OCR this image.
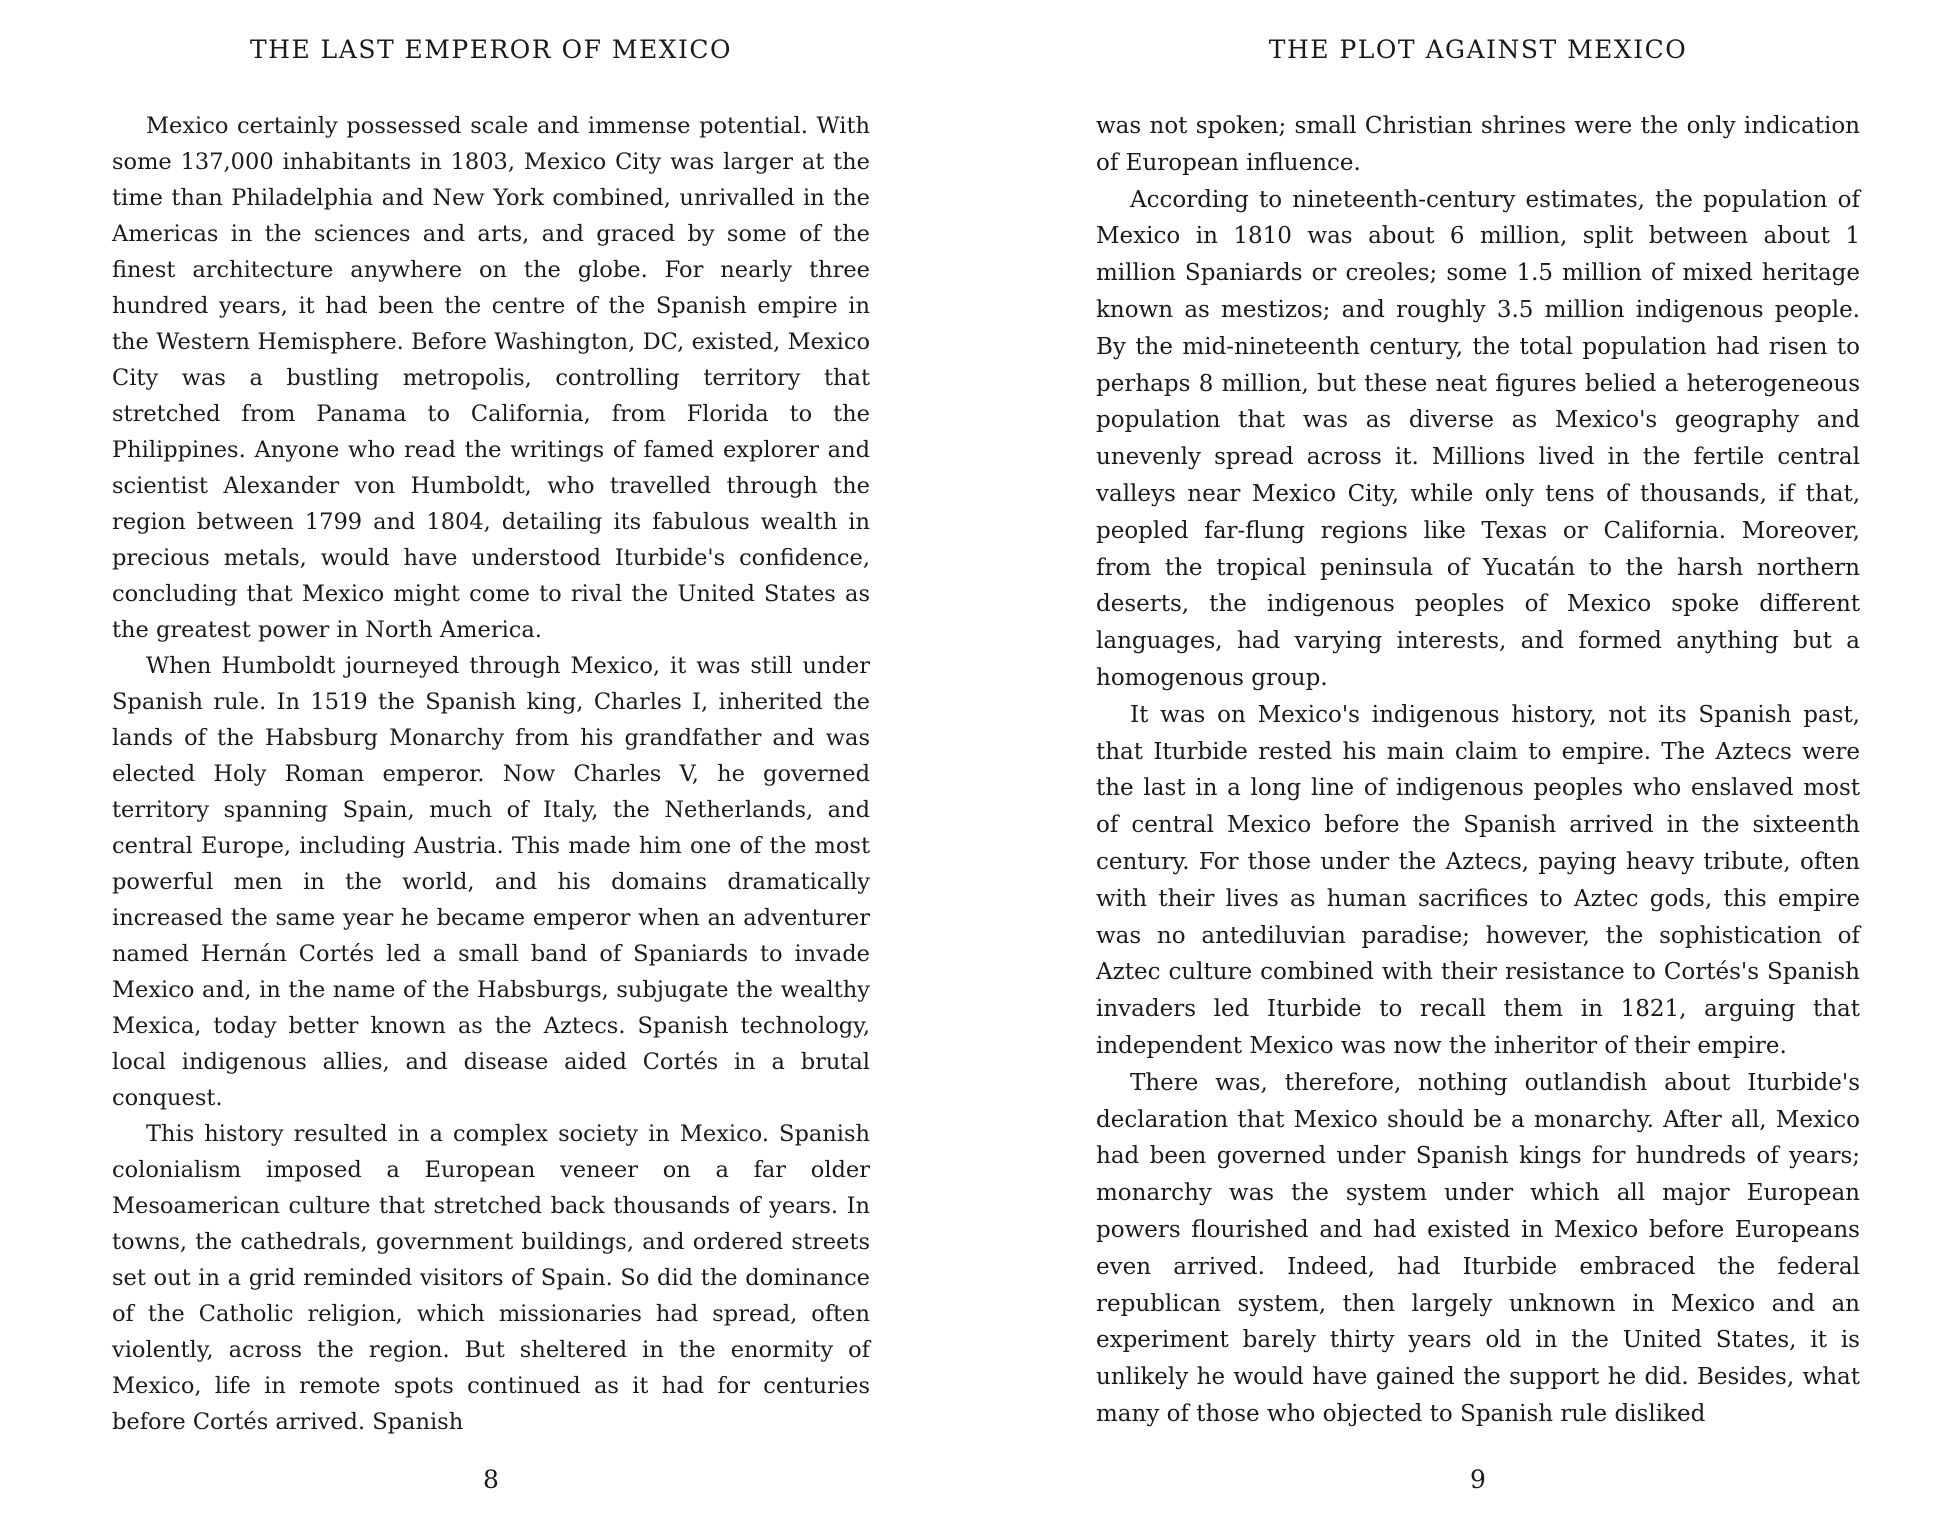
THE LAST EMPEROR OF MEXICO

Mexico certainly possessed scale and immense potential. With some 137,000 inhabitants in 1803, Mexico City was larger at the time than Philadelphia and New York combined, unrivalled in the Americas in the sciences and arts, and graced by some of the finest architecture anywhere on the globe. For nearly three hundred years, it had been the centre of the Spanish empire in the Western Hemisphere. Before Washington, DC, existed, Mexico City was a bustling metropolis, controlling territory that stretched from Panama to California, from Florida to the Philippines. Anyone who read the writings of famed explorer and scientist Alexander von Humboldt, who travelled through the region between 1799 and 1804, detailing its fabulous wealth in precious metals, would have understood Iturbide's confidence, concluding that Mexico might come to rival the United States as the greatest power in North America.

When Humboldt journeyed through Mexico, it was still under Spanish rule. In 1519 the Spanish king, Charles I, inherited the lands of the Habsburg Monarchy from his grandfather and was elected Holy Roman emperor. Now Charles V, he governed territory spanning Spain, much of Italy, the Netherlands, and central Europe, including Austria. This made him one of the most powerful men in the world, and his domains dramatically increased the same year he became emperor when an adventurer named Hernán Cortés led a small band of Spaniards to invade Mexico and, in the name of the Habsburgs, subjugate the wealthy Mexica, today better known as the Aztecs. Spanish technology, local indigenous allies, and disease aided Cortés in a brutal conquest.

This history resulted in a complex society in Mexico. Spanish colonialism imposed a European veneer on a far older Mesoamerican culture that stretched back thousands of years. In towns, the cathedrals, government buildings, and ordered streets set out in a grid reminded visitors of Spain. So did the dominance of the Catholic religion, which missionaries had spread, often violently, across the region. But sheltered in the enormity of Mexico, life in remote spots continued as it had for centuries before Cortés arrived. Spanish

8
THE PLOT AGAINST MEXICO

was not spoken; small Christian shrines were the only indication of European influence.

According to nineteenth-century estimates, the population of Mexico in 1810 was about 6 million, split between about 1 million Spaniards or creoles; some 1.5 million of mixed heritage known as mestizos; and roughly 3.5 million indigenous people. By the mid-nineteenth century, the total population had risen to perhaps 8 million, but these neat figures belied a heterogeneous population that was as diverse as Mexico's geography and unevenly spread across it. Millions lived in the fertile central valleys near Mexico City, while only tens of thousands, if that, peopled far-flung regions like Texas or California. Moreover, from the tropical peninsula of Yucatán to the harsh northern deserts, the indigenous peoples of Mexico spoke different languages, had varying interests, and formed anything but a homogenous group.

It was on Mexico's indigenous history, not its Spanish past, that Iturbide rested his main claim to empire. The Aztecs were the last in a long line of indigenous peoples who enslaved most of central Mexico before the Spanish arrived in the sixteenth century. For those under the Aztecs, paying heavy tribute, often with their lives as human sacrifices to Aztec gods, this empire was no antediluvian paradise; however, the sophistication of Aztec culture combined with their resistance to Cortés's Spanish invaders led Iturbide to recall them in 1821, arguing that independent Mexico was now the inheritor of their empire.

There was, therefore, nothing outlandish about Iturbide's declaration that Mexico should be a monarchy. After all, Mexico had been governed under Spanish kings for hundreds of years; monarchy was the system under which all major European powers flourished and had existed in Mexico before Europeans even arrived. Indeed, had Iturbide embraced the federal republican system, then largely unknown in Mexico and an experiment barely thirty years old in the United States, it is unlikely he would have gained the support he did. Besides, what many of those who objected to Spanish rule disliked

9
